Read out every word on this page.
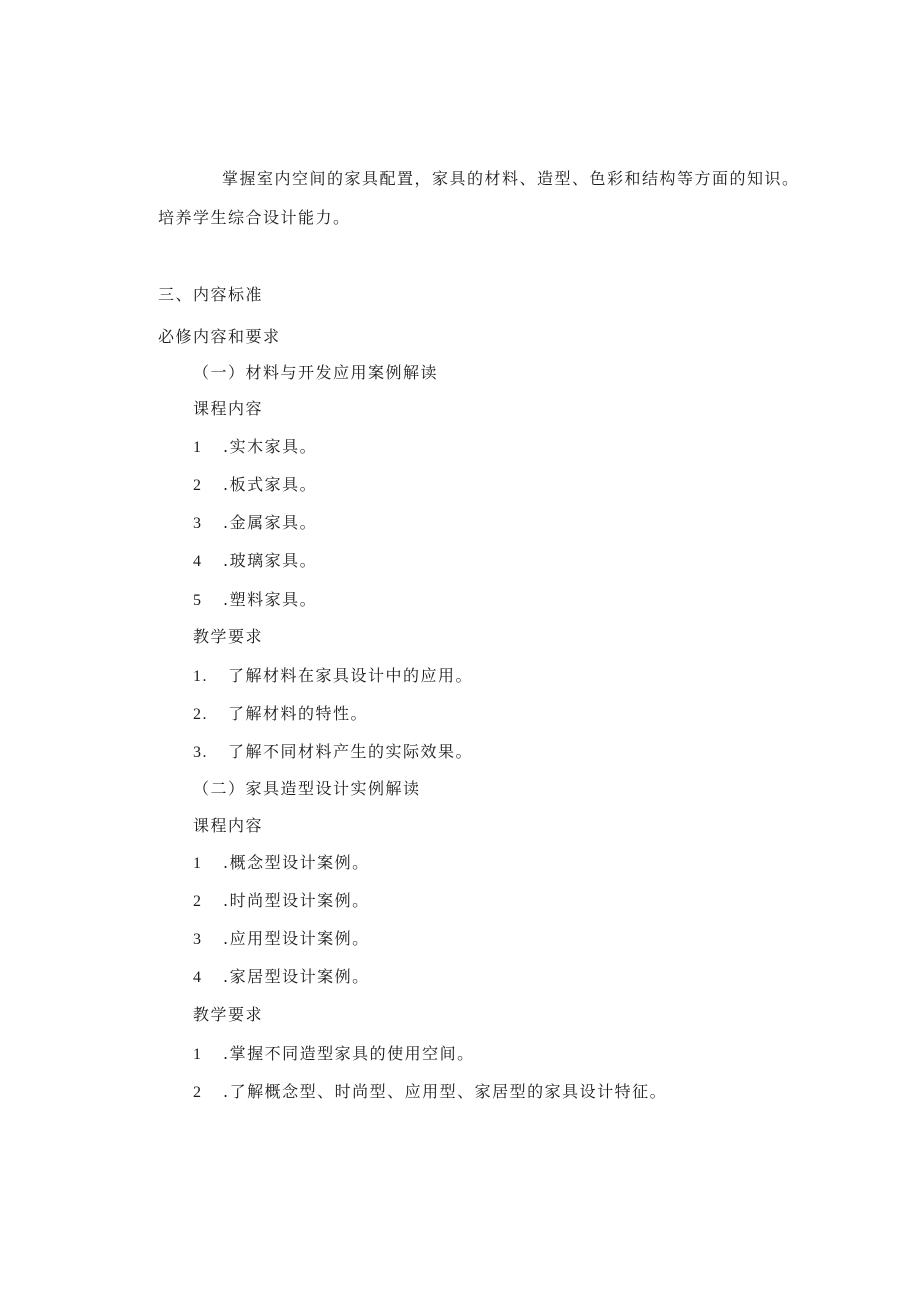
掌握室内空间的家具配置，家具的材料、造型、色彩和结构等方面的知识。
培养学生综合设计能力。
三、内容标准
必修内容和要求
（一）材料与开发应用案例解读
课程内容
1 .实木家具。
2 .板式家具。
3 .金属家具。
4 .玻璃家具。
5 .塑料家具。
教学要求
1. 了解材料在家具设计中的应用。
2. 了解材料的特性。
3. 了解不同材料产生的实际效果。
（二）家具造型设计实例解读
课程内容
1 .概念型设计案例。
2 .时尚型设计案例。
3 .应用型设计案例。
4 .家居型设计案例。
教学要求
1 .掌握不同造型家具的使用空间。
2 .了解概念型、时尚型、应用型、家居型的家具设计特征。
